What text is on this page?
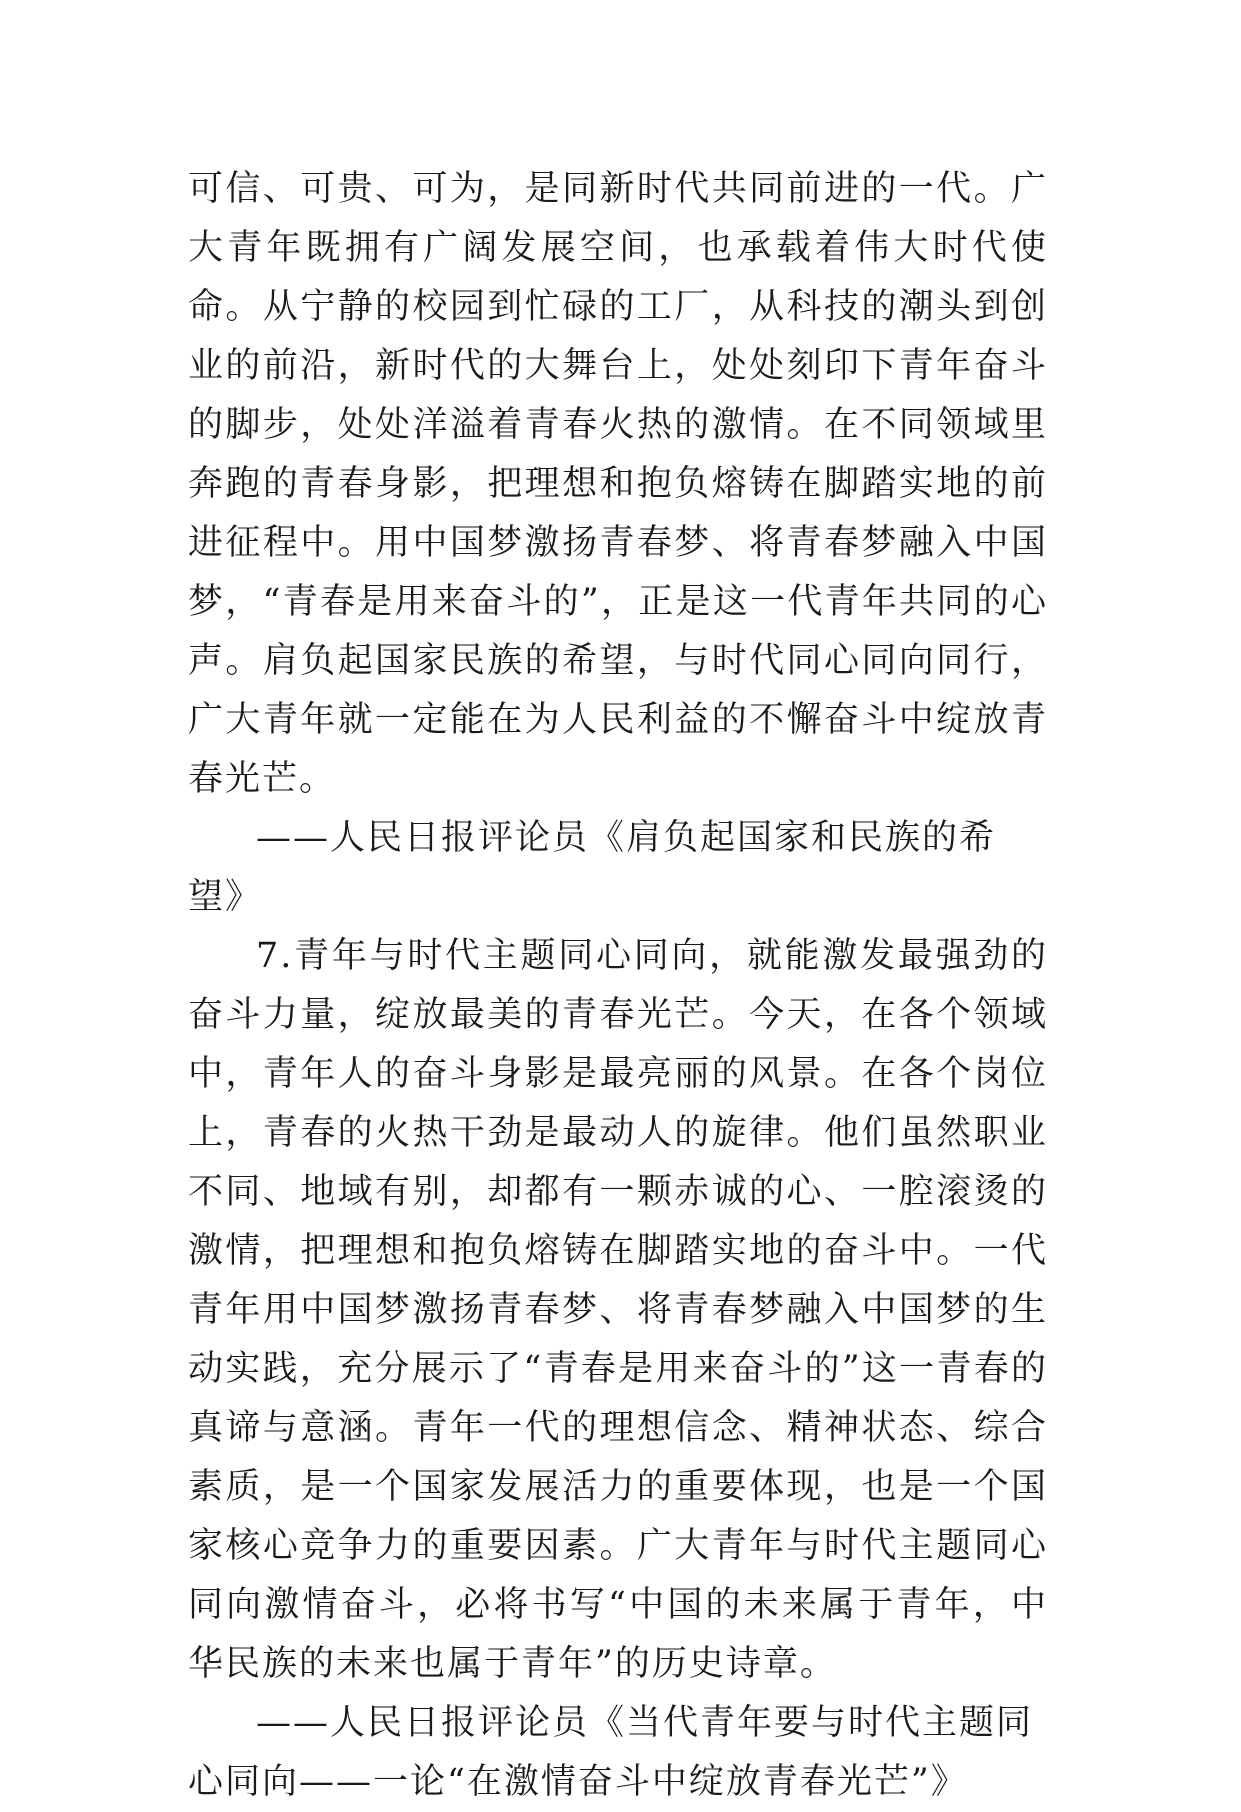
可信、可贵、可为，是同新时代共同前进的一代。广大青年既拥有广阔发展空间，也承载着伟大时代使命。从宁静的校园到忙碌的工厂，从科技的潮头到创业的前沿，新时代的大舞台上，处处刻印下青年奋斗的脚步，处处洋溢着青春火热的激情。在不同领域里奔跑的青春身影，把理想和抱负熔铸在脚踏实地的前进征程中。用中国梦激扬青春梦、将青春梦融入中国梦，“青春是用来奋斗的”，正是这一代青年共同的心声。肩负起国家民族的希望，与时代同心同向同行，广大青年就一定能在为人民利益的不懈奋斗中绽放青春光芒。

——人民日报评论员《肩负起国家和民族的希望》

7.青年与时代主题同心同向，就能激发最强劲的奋斗力量，绽放最美的青春光芒。今天，在各个领域中，青年人的奋斗身影是最亮丽的风景。在各个岗位上，青春的火热干劲是最动人的旋律。他们虽然职业不同、地域有别，却都有一颗赤诚的心、一腔滚烫的激情，把理想和抱负熔铸在脚踏实地的奋斗中。一代青年用中国梦激扬青春梦、将青春梦融入中国梦的生动实践，充分展示了“青春是用来奋斗的”这一青春的真谛与意涵。青年一代的理想信念、精神状态、综合素质，是一个国家发展活力的重要体现，也是一个国家核心竞争力的重要因素。广大青年与时代主题同心同向激情奋斗，必将书写“中国的未来属于青年，中华民族的未来也属于青年”的历史诗章。

——人民日报评论员《当代青年要与时代主题同心同向——一论“在激情奋斗中绽放青春光芒”》
